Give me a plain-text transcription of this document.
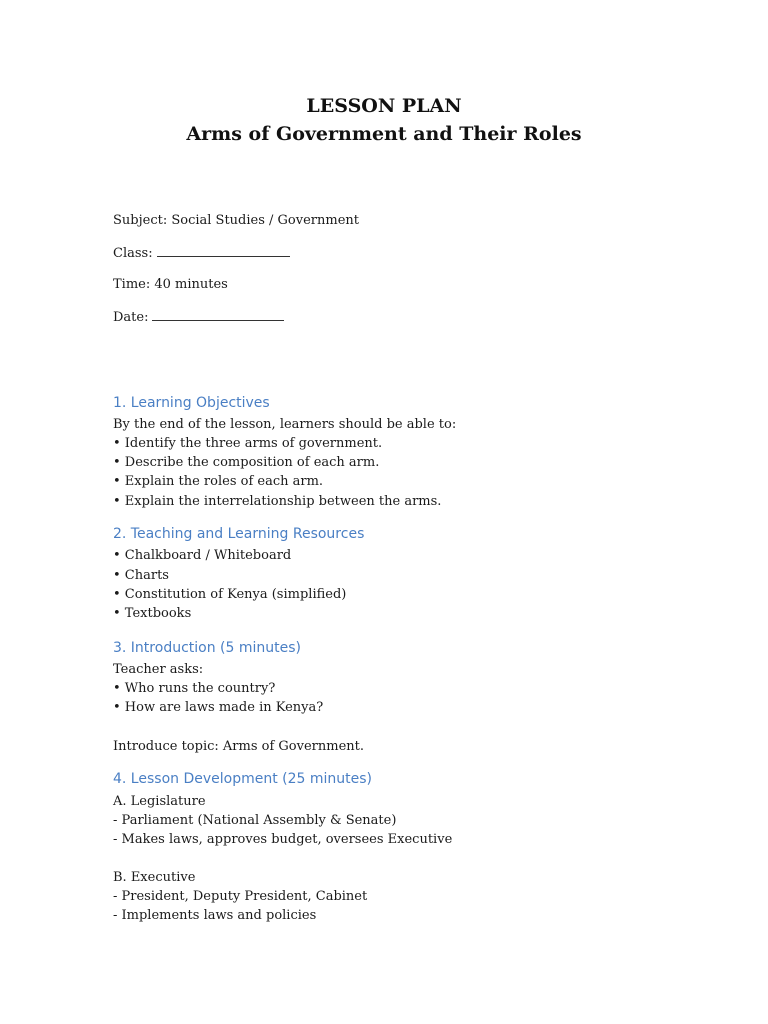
LESSON PLAN
Arms of Government and Their Roles
Subject: Social Studies / Government
Class:
Time: 40 minutes
Date:
1. Learning Objectives
By the end of the lesson, learners should be able to:
• Identify the three arms of government.
• Describe the composition of each arm.
• Explain the roles of each arm.
• Explain the interrelationship between the arms.
2. Teaching and Learning Resources
• Chalkboard / Whiteboard
• Charts
• Constitution of Kenya (simplified)
• Textbooks
3. Introduction (5 minutes)
Teacher asks:
• Who runs the country?
• How are laws made in Kenya?
Introduce topic: Arms of Government.
4. Lesson Development (25 minutes)
A. Legislature
- Parliament (National Assembly & Senate)
- Makes laws, approves budget, oversees Executive
B. Executive
- President, Deputy President, Cabinet
- Implements laws and policies
